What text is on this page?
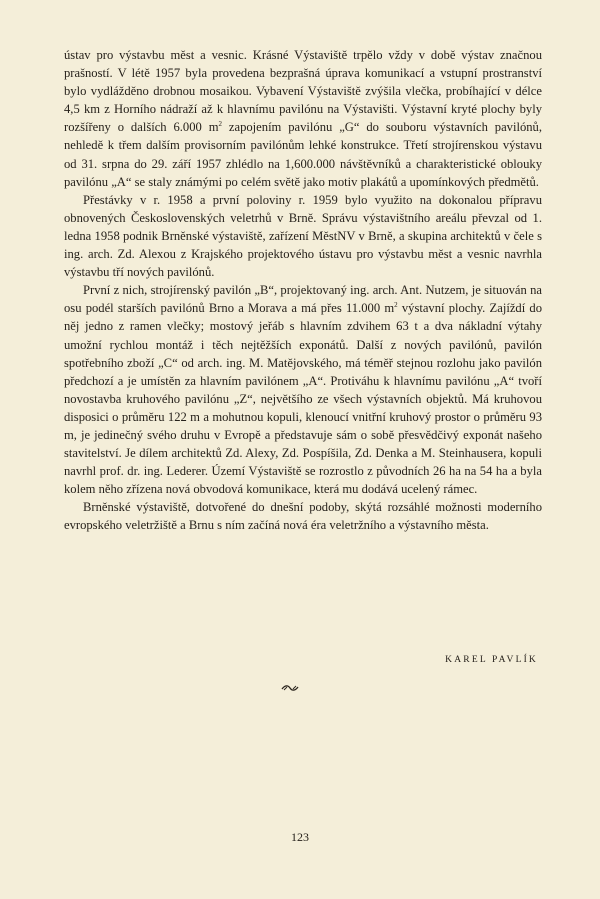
ústav pro výstavbu měst a vesnic. Krásné Výstaviště trpělo vždy v době výstav značnou prašností. V létě 1957 byla provedena bezprašná úprava komunikací a vstupní prostranství bylo vydlážděno drobnou mosaikou. Vybavení Výstaviště zvýšila vlečka, probíhající v délce 4,5 km z Horního nádraží až k hlavnímu pavilónu na Výstavišti. Výstavní kryté plochy byly rozšířeny o dalších 6.000 $m^2$ zapojením pavilónu „G“ do souboru výstavních pavilónů, nehledě k třem dalším provisorním pavilónům lehké konstrukce. Třetí strojírenskou výstavu od 31. srpna do 29. září 1957 zhlédlo na 1,600.000 návštěvníků a charakteristické oblouky pavilónu „A“ se staly známými po celém světě jako motiv plakátů a upomínkových předmětů.

Přestávky v r. 1958 a první poloviny r. 1959 bylo využito na dokonalou přípravu obnovených Československých veletrhů v Brně. Správu výstavištního areálu převzal od 1. ledna 1958 podnik Brněnské výstaviště, zařízení MěstNV v Brně, a skupina architektů v čele s ing. arch. Zd. Alexou z Krajského projektového ústavu pro výstavbu měst a vesnic navrhla výstavbu tří nových pavilónů.

První z nich, strojírenský pavilón „B“, projektovaný ing. arch. Ant. Nutzem, je situován na osu podél starších pavilónů Brno a Morava a má přes 11.000 $m^2$ výstavní plochy. Zajíždí do něj jedno z ramen vlečky; mostový jeřáb s hlavním zdvihem 63 t a dva nákladní výtahy umožní rychlou montáž i těch nejtěžších exponátů. Další z nových pavilónů, pavilón spotřebního zboží „C“ od arch. ing. M. Matějovského, má téměř stejnou rozlohu jako pavilón předchozí a je umístěn za hlavním pavilónem „A“. Protiváhu k hlavnímu pavilónu „A“ tvoří novostavba kruhového pavilónu „Z“, největšího ze všech výstavních objektů. Má kruhovou disposici o průměru 122 m a mohutnou kopuli, klenoucí vnitřní kruhový prostor o průměru 93 m, je jedinečný svého druhu v Evropě a představuje sám o sobě přesvědčivý exponát našeho stavitelství. Je dílem architektů Zd. Alexy, Zd. Pospíšila, Zd. Denka a M. Steinhausera, kopuli navrhl prof. dr. ing. Lederer. Území Výstaviště se rozrostlo z původních 26 ha na 54 ha a byla kolem něho zřízena nová obvodová komunikace, která mu dodává ucelený rámec.

Brněnské výstaviště, dotvořené do dnešní podoby, skýtá rozsáhlé možnosti moderního evropského veletržiště a Brnu s ním začíná nová éra veletržního a výstavního města.

KAREL PAVLÍK
123
